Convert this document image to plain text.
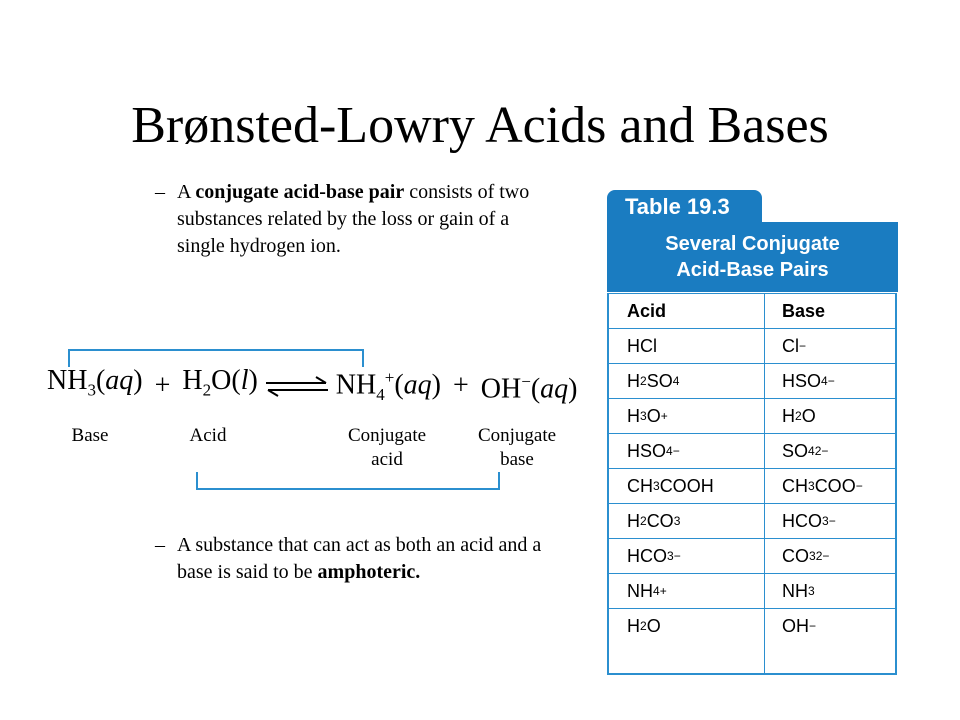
Brønsted-Lowry Acids and Bases
– A conjugate acid-base pair consists of two substances related by the loss or gain of a single hydrogen ion.
$NH_3(aq) + H_2O(l)$ ⇌ $NH_4^+(aq) + OH^-(aq)$
Base	Acid	Conjugate acid
Conjugate base
– A substance that can act as both an acid and a base is said to be amphoteric.
Table 19.3
Several Conjugate
Acid-Base Pairs
Acid	Base
HCl	Cl −
H 2 SO 4	HSO 4 −
H 3 O +	H 2 O
HSO 4 −	SO 4 2−
CH 3 COOH	CH 3 COO −
H 2 CO 3	HCO 3 −
HCO 3 −	CO 3 2−
NH 4 +	NH 3
H 2 O	OH −
